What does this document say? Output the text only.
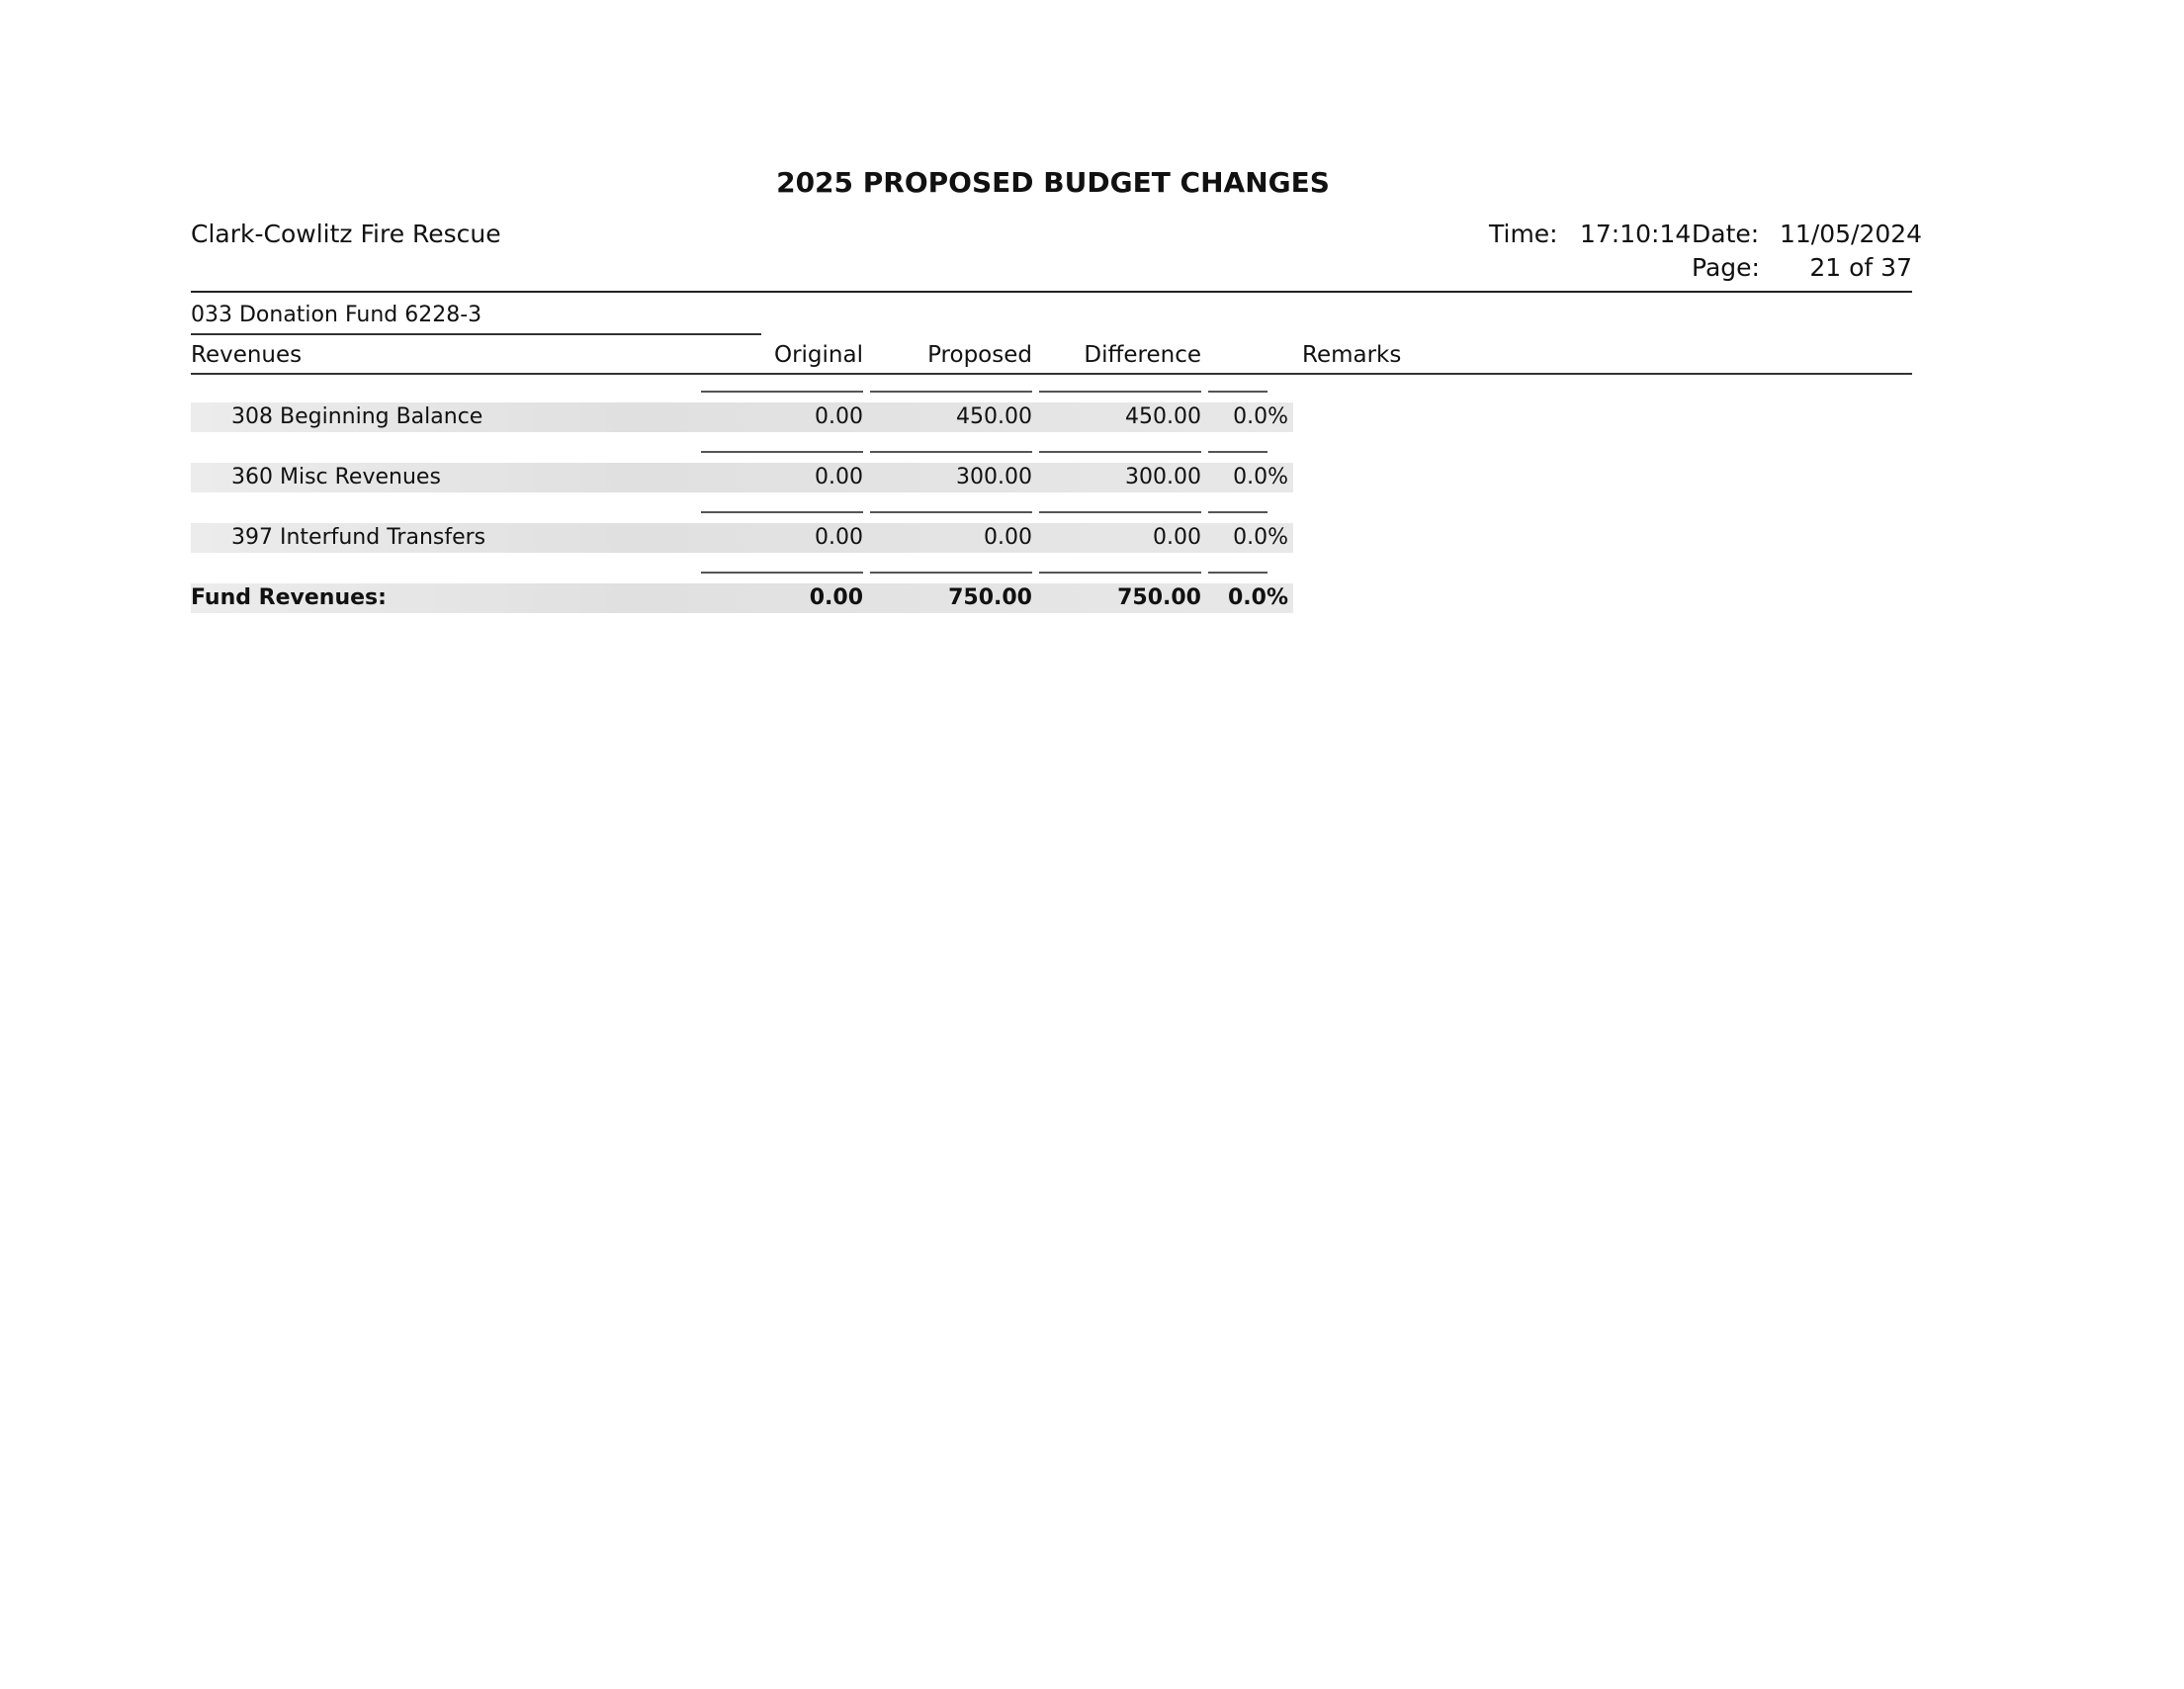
2025 PROPOSED BUDGET CHANGES
Clark-Cowlitz Fire Rescue	Time: 17:10:14 Date: 11/05/2024
Page:	21 of 37
033 Donation Fund 6228-3
Revenues	Original	Proposed	Difference	Remarks
308 Beginning Balance	0.00	450.00	450.00	0.0%
360 Misc Revenues	0.00	300.00	300.00	0.0%
397 Interfund Transfers	0.00	0.00	0.00	0.0%
Fund Revenues:	0.00	750.00	750.00	0.0%
